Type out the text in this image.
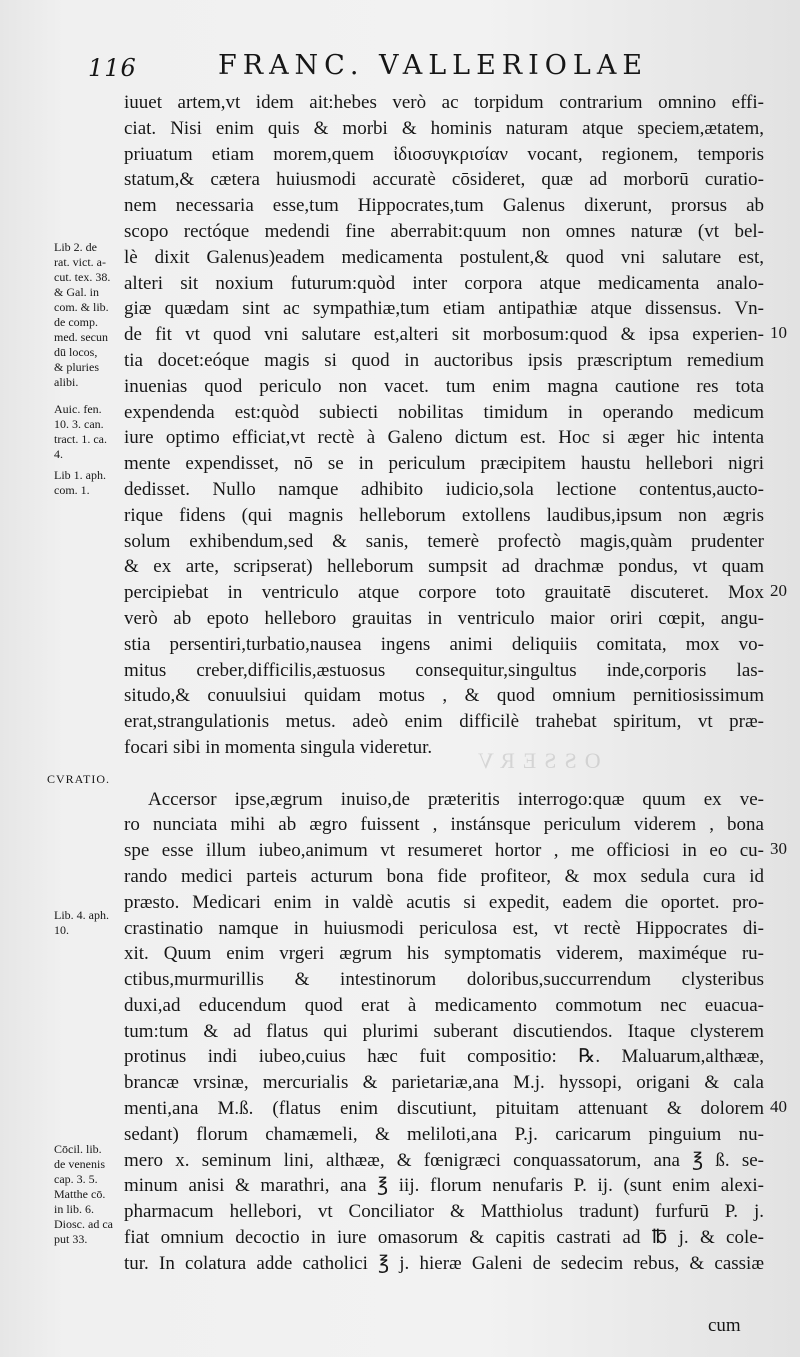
OSSERV
116	FRANC. VALLERIOLAE
iuuet artem,vt idem ait:hebes verò ac torpidum contrarium omnino effi-
ciat. Nisi enim quis & morbi & hominis naturam atque speciem,ætatem,
priuatum etiam morem,quem ἰδιοσυγκρισίαν vocant, regionem, temporis
statum,& cætera huiusmodi accuratè cōsideret, quæ ad morborū curatio-
nem necessaria esse,tum Hippocrates,tum Galenus dixerunt, prorsus ab
scopo rectóque medendi fine aberrabit:quum non omnes naturæ (vt bel-
lè dixit Galenus)eadem medicamenta postulent,& quod vni salutare est,
alteri sit noxium futurum:quòd inter corpora atque medicamenta analo-
giæ quædam sint ac sympathiæ,tum etiam antipathiæ atque dissensus. Vn-
de fit vt quod vni salutare est,alteri sit morbosum:quod & ipsa experien-
tia docet:eóque magis si quod in auctoribus ipsis præscriptum remedium
inuenias quod periculo non vacet. tum enim magna cautione res tota
expendenda est:quòd subiecti nobilitas timidum in operando medicum
iure optimo efficiat,vt rectè à Galeno dictum est. Hoc si æger hic intenta
mente expendisset, nō se in periculum præcipitem haustu hellebori nigri
dedisset. Nullo namque adhibito iudicio,sola lectione contentus,aucto-
rique fidens (qui magnis helleborum extollens laudibus,ipsum non ægris
solum exhibendum,sed & sanis, temerè profectò magis,quàm prudenter
& ex arte, scripserat) helleborum sumpsit ad drachmæ pondus, vt quam
percipiebat in ventriculo atque corpore toto grauitatē discuteret. Mox
verò ab epoto helleboro grauitas in ventriculo maior oriri cœpit, angu-
stia persentiri,turbatio,nausea ingens animi deliquiis comitata, mox vo-
mitus creber,difficilis,æstuosus consequitur,singultus inde,corporis las-
situdo,& conuulsiui quidam motus , & quod omnium pernitiosissimum
erat,strangulationis metus. adeò enim difficilè trahebat spiritum, vt præ-
focari sibi in momenta singula videretur.
Accersor ipse,ægrum inuiso,de præteritis interrogo:quæ quum ex ve-
ro nunciata mihi ab ægro fuissent , instánsque periculum viderem , bona
spe esse illum iubeo,animum vt resumeret hortor , me officiosi in eo cu-
rando medici parteis acturum bona fide profiteor, & mox sedula cura id
præsto. Medicari enim in valdè acutis si expedit, eadem die oportet. pro-
crastinatio namque in huiusmodi periculosa est, vt rectè Hippocrates di-
xit. Quum enim vrgeri ægrum his symptomatis viderem, maximéque ru-
ctibus,murmurillis & intestinorum doloribus,succurrendum clysteribus
duxi,ad educendum quod erat à medicamento commotum nec euacua-
tum:tum & ad flatus qui plurimi suberant discutiendos. Itaque clysterem
protinus indi iubeo,cuius hæc fuit compositio: ℞. Maluarum,althææ,
brancæ vrsinæ, mercurialis & parietariæ,ana M.j. hyssopi, origani & cala
menti,ana M.ß. (flatus enim discutiunt, pituitam attenuant & dolorem
sedant) florum chamæmeli, & meliloti,ana P.j. caricarum pinguium nu-
mero x. seminum lini, althææ, & fœnigræci conquassatorum, ana ℥ ß. se-
minum anisi & marathri, ana ℥ iij. florum nenufaris P. ij. (sunt enim alexi-
pharmacum hellebori, vt Conciliator & Matthiolus tradunt) furfurū P. j.
fiat omnium decoctio in iure omasorum & capitis castrati ad ℔ j. & cole-
tur. In colatura adde catholici ℥ j. hieræ Galeni de sedecim rebus, & cassiæ
Lib 2. de
rat. vict. a-
cut. tex. 38.
& Gal. in
com. & lib.
de comp.
med. secun
dū locos,
& pluries
alibi.
Auic. fen.
10. 3. can.
tract. 1. ca.
4.
Lib 1. aph.
com. 1.
CVRATIO.
Lib. 4. aph.
10.
Cōcil. lib.
de venenis
cap. 3. 5.
Matthe cō.
in lib. 6.
Diosc. ad ca
put 33.
10
20
30
40
cum
